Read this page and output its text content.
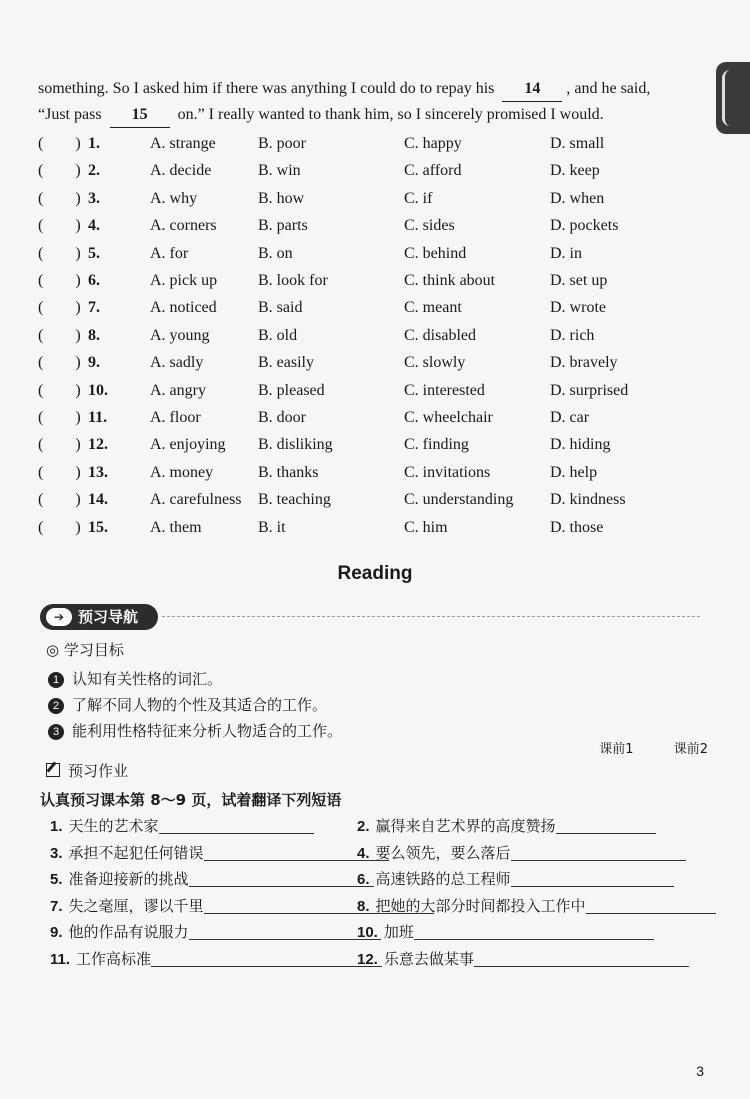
something. So I asked him if there was anything I could do to repay his 14 , and he said,
“Just pass 15 on.” I really wanted to thank him, so I sincerely promised I would.
(　　) 1.	A. strange	B. poor	C. happy	D. small
(　　) 2.	A. decide	B. win	C. afford	D. keep
(　　) 3.	A. why	B. how	C. if	D. when
(　　) 4.	A. corners	B. parts	C. sides	D. pockets
(　　) 5.	A. for	B. on	C. behind	D. in
(　　) 6.	A. pick up	B. look for	C. think about	D. set up
(　　) 7.	A. noticed	B. said	C. meant	D. wrote
(　　) 8.	A. young	B. old	C. disabled	D. rich
(　　) 9.	A. sadly	B. easily	C. slowly	D. bravely
(　　) 10.	A. angry	B. pleased	C. interested	D. surprised
(　　) 11.	A. floor	B. door	C. wheelchair	D. car
(　　) 12.	A. enjoying B. disliking	C. finding	D. hiding
(　　) 13.	A. money	B. thanks	C. invitations	D. help
(　　) 14.	A. carefulness B. teaching	C. understanding D. kindness
(　　) 15.	A. them	B. it	C. him	D. those
Reading
➔ 预习导航
◎ 学习目标
1 认知有关性格的词汇。
2 了解不同人物的个性及其适合的工作。
3 能利用性格特征来分析人物适合的工作。
课前1	课前2
预习作业
认真预习课本第 8～9 页，试着翻译下列短语
1. 天生的艺术家	2. 赢得来自艺术界的高度赞扬
3. 承担不起犯任何错误	4. 要么领先，要么落后
5. 准备迎接新的挑战	6. 高速铁路的总工程师
7. 失之毫厘，谬以千里	8. 把她的大部分时间都投入工作中
9. 他的作品有说服力	10. 加班
11. 工作高标准	12. 乐意去做某事
3
